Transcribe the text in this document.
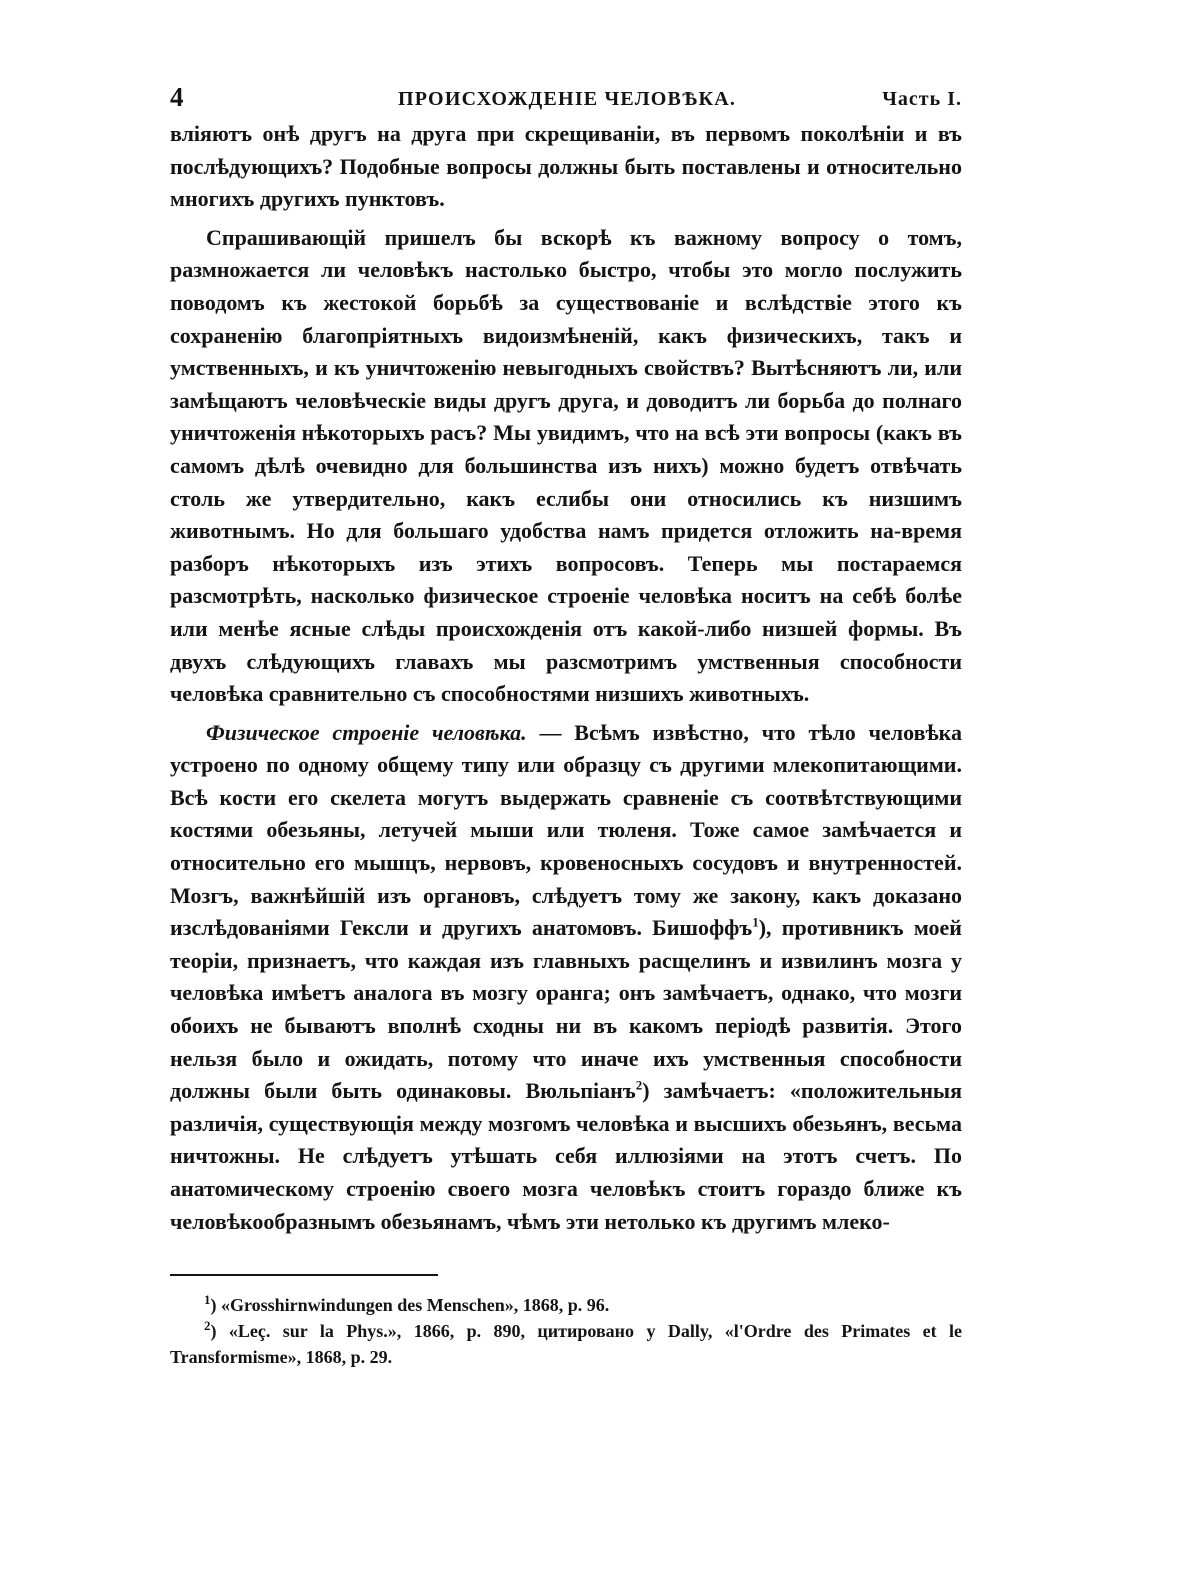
4	ПРОИСХОЖДЕНІЕ ЧЕЛОВѢКА.	Часть I.

вліяютъ онѣ другъ на друга при скрещиваніи, въ первомъ поколѣніи и въ послѣдующихъ? Подобные вопросы должны быть поставлены и относительно многихъ другихъ пунктовъ.

Спрашивающій пришелъ бы вскорѣ къ важному вопросу о томъ, размножается ли человѣкъ настолько быстро, чтобы это могло послужить поводомъ къ жестокой борьбѣ за существованіе и вслѣдствіе этого къ сохраненію благопріятныхъ видоизмѣненій, какъ физическихъ, такъ и умственныхъ, и къ уничтоженію невыгодныхъ свойствъ? Вытѣсняютъ ли, или замѣщаютъ человѣческіе виды другъ друга, и доводитъ ли борьба до полнаго уничтоженія нѣкоторыхъ расъ? Мы увидимъ, что на всѣ эти вопросы (какъ въ самомъ дѣлѣ очевидно для большинства изъ нихъ) можно будетъ отвѣчать столь же утвердительно, какъ еслибы они относились къ низшимъ животнымъ. Но для большаго удобства намъ придется отложить на-время разборъ нѣкоторыхъ изъ этихъ вопросовъ. Теперь мы постараемся разсмотрѣть, насколько физическое строеніе человѣка носитъ на себѣ болѣе или менѣе ясные слѣды происхожденія отъ какой-либо низшей формы. Въ двухъ слѣдующихъ главахъ мы разсмотримъ умственныя способности человѣка сравнительно съ способностями низшихъ животныхъ.

Физическое строеніе человѣка. — Всѣмъ извѣстно, что тѣло человѣка устроено по одному общему типу или образцу съ другими млекопитающими. Всѣ кости его скелета могутъ выдержать сравненіе съ соотвѣтствующими костями обезьяны, летучей мыши или тюленя. Тоже самое замѣчается и относительно его мышцъ, нервовъ, кровеносныхъ сосудовъ и внутренностей. Мозгъ, важнѣйшій изъ органовъ, слѣдуетъ тому же закону, какъ доказано изслѣдованіями Гексли и другихъ анатомовъ. Бишоффъ$^1$), противникъ моей теоріи, признаетъ, что каждая изъ главныхъ расщелинъ и извилинъ мозга у человѣка имѣетъ аналога въ мозгу оранга; онъ замѣчаетъ, однако, что мозги обоихъ не бываютъ вполнѣ сходны ни въ какомъ періодѣ развитія. Этого нельзя было и ожидать, потому что иначе ихъ умственныя способности должны были быть одинаковы. Вюльпіанъ$^2$) замѣчаетъ: «положительныя различія, существующія между мозгомъ человѣка и высшихъ обезьянъ, весьма ничтожны. Не слѣдуетъ утѣшать себя иллюзіями на этотъ счетъ. По анатомическому строенію своего мозга человѣкъ стоитъ гораздо ближе къ человѣкообразнымъ обезьянамъ, чѣмъ эти нетолько къ другимъ млеко-

$^1$) «Grosshirnwindungen des Menschen», 1868, p. 96.

$^2$) «Leç. sur la Phys.», 1866, p. 890, цитировано у Dally, «l'Ordre des Primates et le Transformisme», 1868, p. 29.
